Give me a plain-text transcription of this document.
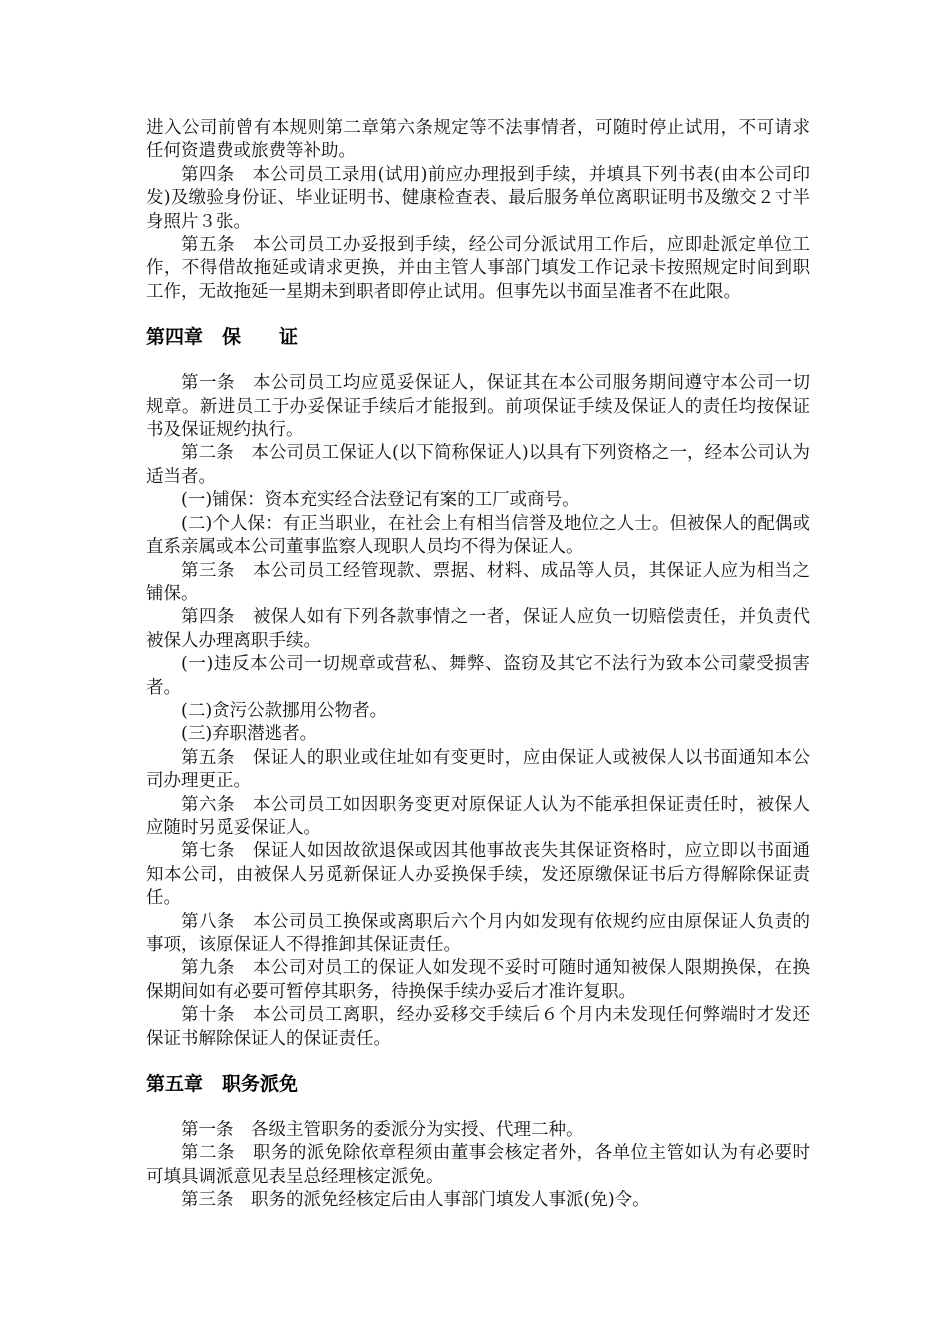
进入公司前曾有本规则第二章第六条规定等不法事情者，可随时停止试用，不可请求任何资遣费或旅费等补助。

第四条　本公司员工录用(试用)前应办理报到手续，并填具下列书表(由本公司印发)及缴验身份证、毕业证明书、健康检查表、最后服务单位离职证明书及缴交２寸半身照片３张。

第五条　本公司员工办妥报到手续，经公司分派试用工作后，应即赴派定单位工作，不得借故拖延或请求更换，并由主管人事部门填发工作记录卡按照规定时间到职工作，无故拖延一星期未到职者即停止试用。但事先以书面呈准者不在此限。

第四章　保　　证

第一条　本公司员工均应觅妥保证人，保证其在本公司服务期间遵守本公司一切规章。新进员工于办妥保证手续后才能报到。前项保证手续及保证人的责任均按保证书及保证规约执行。

第二条　本公司员工保证人(以下简称保证人)以具有下列资格之一，经本公司认为适当者。

(一)铺保：资本充实经合法登记有案的工厂或商号。

(二)个人保：有正当职业，在社会上有相当信誉及地位之人士。但被保人的配偶或直系亲属或本公司董事监察人现职人员均不得为保证人。

第三条　本公司员工经管现款、票据、材料、成品等人员，其保证人应为相当之铺保。

第四条　被保人如有下列各款事情之一者，保证人应负一切赔偿责任，并负责代被保人办理离职手续。

(一)违反本公司一切规章或营私、舞弊、盗窃及其它不法行为致本公司蒙受损害者。

(二)贪污公款挪用公物者。

(三)弃职潜逃者。

第五条　保证人的职业或住址如有变更时，应由保证人或被保人以书面通知本公司办理更正。

第六条　本公司员工如因职务变更对原保证人认为不能承担保证责任时，被保人应随时另觅妥保证人。

第七条　保证人如因故欲退保或因其他事故丧失其保证资格时，应立即以书面通知本公司，由被保人另觅新保证人办妥换保手续，发还原缴保证书后方得解除保证责任。

第八条　本公司员工换保或离职后六个月内如发现有依规约应由原保证人负责的事项，该原保证人不得推卸其保证责任。

第九条　本公司对员工的保证人如发现不妥时可随时通知被保人限期换保，在换保期间如有必要可暂停其职务，待换保手续办妥后才准许复职。

第十条　本公司员工离职，经办妥移交手续后６个月内未发现任何弊端时才发还保证书解除保证人的保证责任。

第五章　职务派免

第一条　各级主管职务的委派分为实授、代理二种。

第二条　职务的派免除依章程须由董事会核定者外，各单位主管如认为有必要时可填具调派意见表呈总经理核定派免。

第三条　职务的派免经核定后由人事部门填发人事派(免)令。
